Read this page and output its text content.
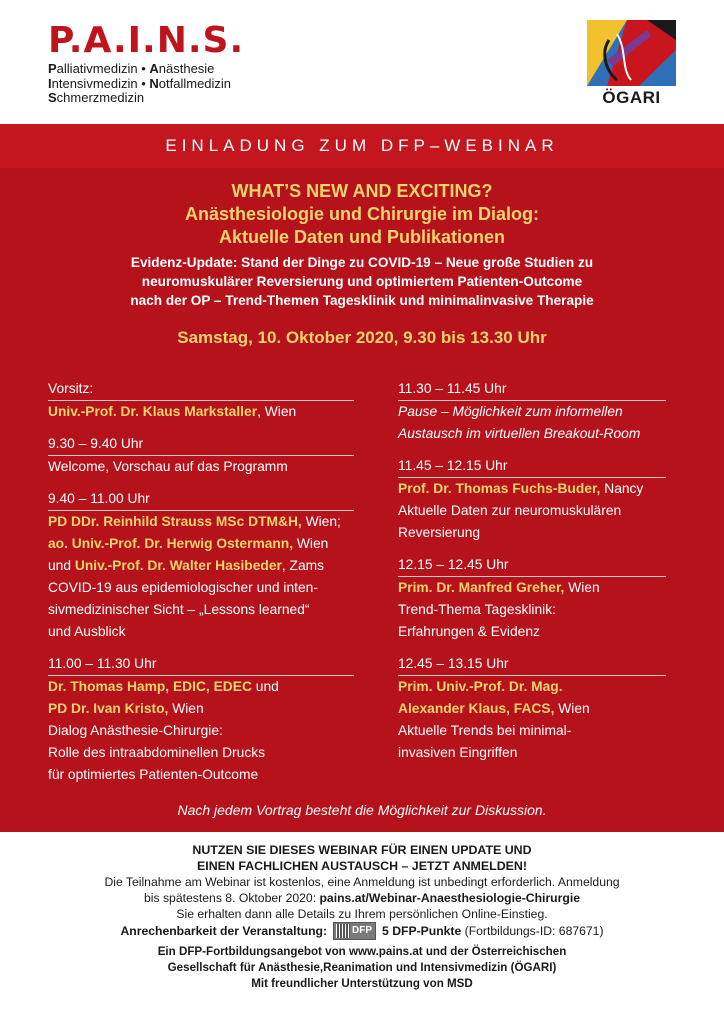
P.A.I.N.S.
Palliativmedizin • Anästhesie
Intensivmedizin • Notfallmedizin
Schmerzmedizin	ÖGARI
EINLADUNG ZUM DFP–WEBINAR
WHAT’S NEW AND EXCITING?
Anästhesiologie und Chirurgie im Dialog:
Aktuelle Daten und Publikationen
Evidenz-Update: Stand der Dinge zu COVID-19 – Neue große Studien zu
neuromuskulärer Reversierung und optimiertem Patienten-Outcome
nach der OP – Trend-Themen Tagesklinik und minimalinvasive Therapie
Samstag, 10. Oktober 2020, 9.30 bis 13.30 Uhr
Vorsitz:
Univ.-Prof. Dr. Klaus Markstaller, Wien
9.30 – 9.40 Uhr
Welcome, Vorschau auf das Programm
9.40 – 11.00 Uhr
PD DDr. Reinhild Strauss MSc DTM&H, Wien;
ao. Univ.-Prof. Dr. Herwig Ostermann, Wien
und Univ.-Prof. Dr. Walter Hasibeder, Zams
COVID-19 aus epidemiologischer und inten-
sivmedizinischer Sicht – „Lessons learned“
und Ausblick
11.00 – 11.30 Uhr
Dr. Thomas Hamp, EDIC, EDEC und
PD Dr. Ivan Kristo, Wien
Dialog Anästhesie-Chirurgie:
Rolle des intraabdominellen Drucks
für optimiertes Patienten-Outcome
11.30 – 11.45 Uhr
Pause – Möglichkeit zum informellen
Austausch im virtuellen Breakout-Room
11.45 – 12.15 Uhr
Prof. Dr. Thomas Fuchs-Buder, Nancy
Aktuelle Daten zur neuromuskulären
Reversierung
12.15 – 12.45 Uhr
Prim. Dr. Manfred Greher, Wien
Trend-Thema Tagesklinik:
Erfahrungen & Evidenz
12.45 – 13.15 Uhr
Prim. Univ.-Prof. Dr. Mag.
Alexander Klaus, FACS, Wien
Aktuelle Trends bei minimal-
invasiven Eingriffen
Nach jedem Vortrag besteht die Möglichkeit zur Diskussion.
NUTZEN SIE DIESES WEBINAR FÜR EINEN UPDATE UND
EINEN FACHLICHEN AUSTAUSCH – JETZT ANMELDEN!
Die Teilnahme am Webinar ist kostenlos, eine Anmeldung ist unbedingt erforderlich. Anmeldung
bis spätestens 8. Oktober 2020: pains.at/Webinar-Anaesthesiologie-Chirurgie
Sie erhalten dann alle Details zu Ihrem persönlichen Online-Einstieg.
Anrechenbarkeit der Veranstaltung:	DFP 5 DFP-Punkte (Fortbildungs-ID: 687671)
Ein DFP-Fortbildungsangebot von www.pains.at und der Österreichischen
Gesellschaft für Anästhesie,Reanimation und Intensivmedizin (ÖGARI)
Mit freundlicher Unterstützung von MSD
